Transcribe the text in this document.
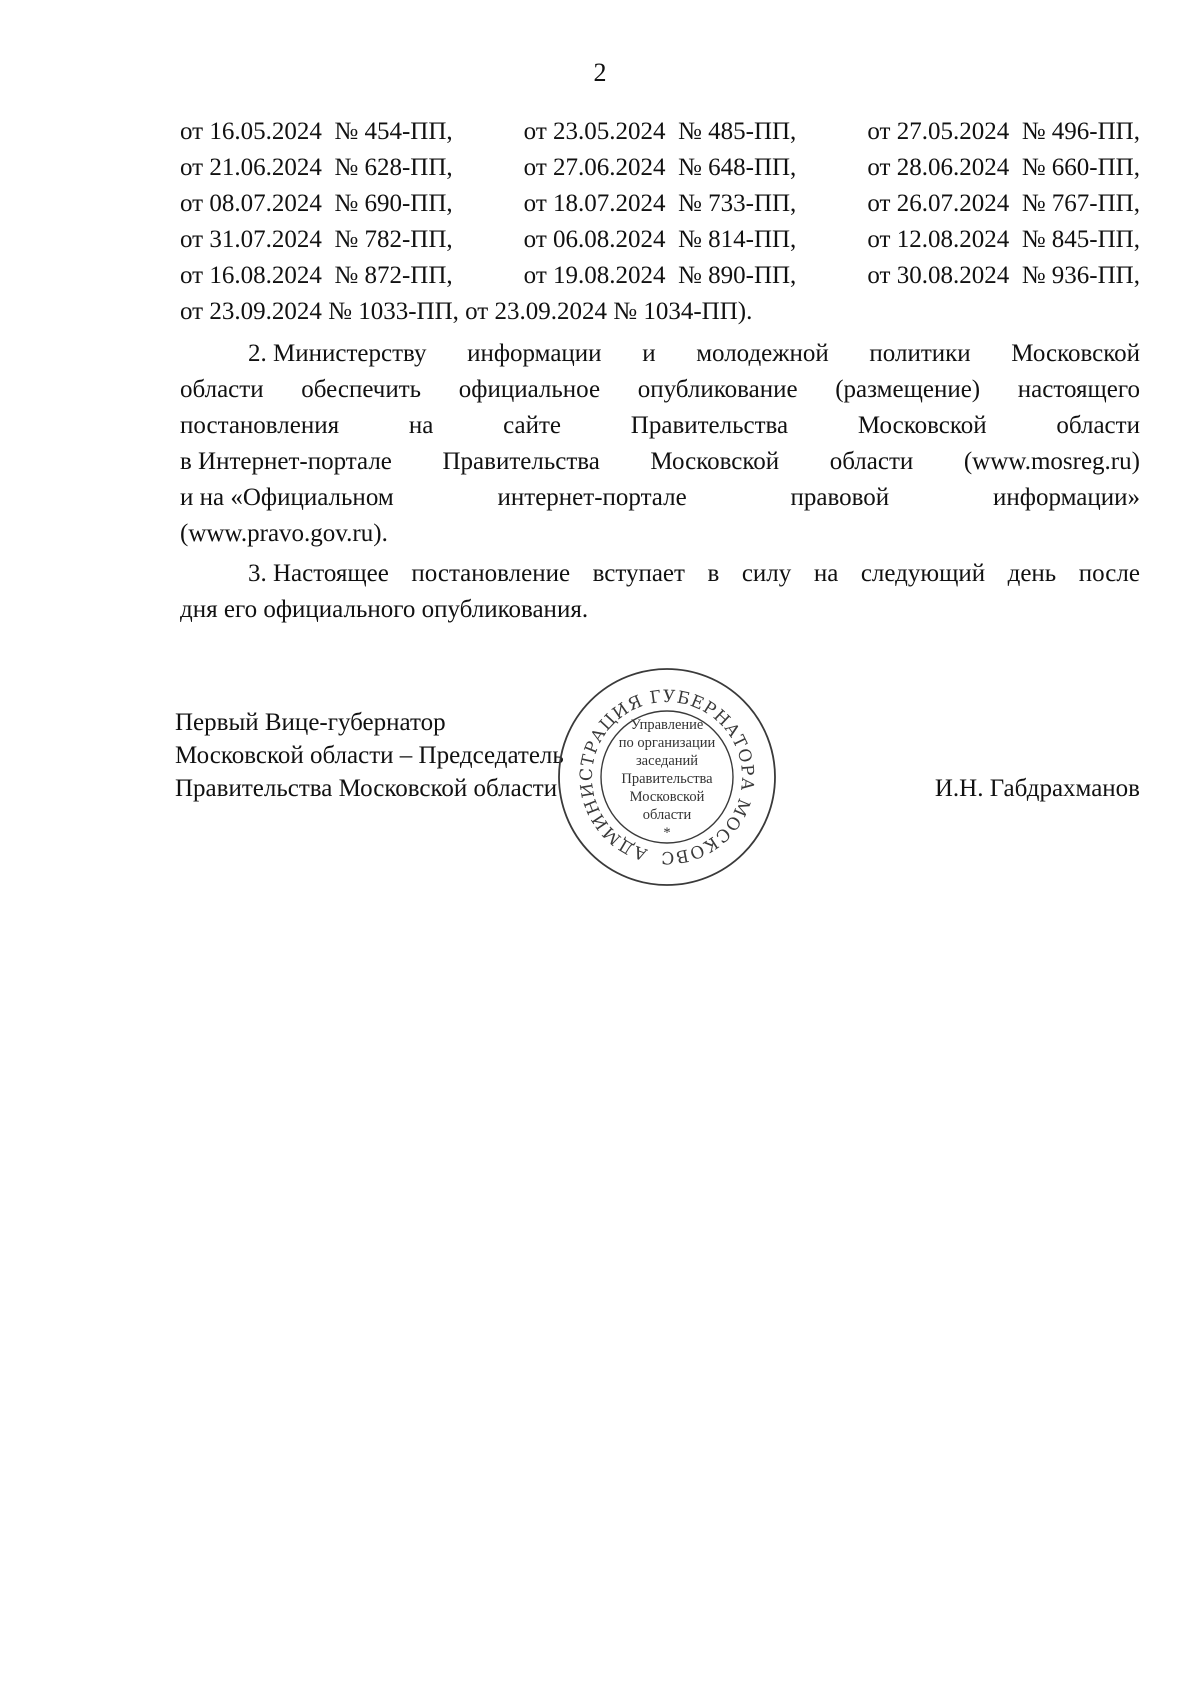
2
от 16.05.2024  № 454-ПП,	от 23.05.2024  № 485-ПП,	от 27.05.2024  № 496-ПП,
от 21.06.2024  № 628-ПП,	от 27.06.2024  № 648-ПП,	от 28.06.2024  № 660-ПП,
от 08.07.2024  № 690-ПП,	от 18.07.2024  № 733-ПП,	от 26.07.2024  № 767-ПП,
от 31.07.2024  № 782-ПП,	от 06.08.2024  № 814-ПП,	от 12.08.2024  № 845-ПП,
от 16.08.2024  № 872-ПП,	от 19.08.2024  № 890-ПП,	от 30.08.2024  № 936-ПП,
от 23.09.2024 № 1033-ПП, от 23.09.2024 № 1034-ПП).
2. Министерству информации и молодежной политики Московской
области обеспечить официальное опубликование (размещение) настоящего
постановления	на	сайте	Правительства	Московской	области
в Интернет-портале Правительства Московской области (www.mosreg.ru)
и на «Официальном	интернет-портале	правовой	информации»
(www.pravo.gov.ru).
3. Настоящее постановление вступает в силу на следующий день после
дня его официального опубликования.
Первый Вице-губернатор
Московской области – Председатель
Правительства Московской области	И.Н. Габдрахманов
АДМИНИСТРАЦИЯ ГУБЕРНАТОРА МОСКОВС
Управление
по организации
заседаний
Правительства
Московской
области
*
